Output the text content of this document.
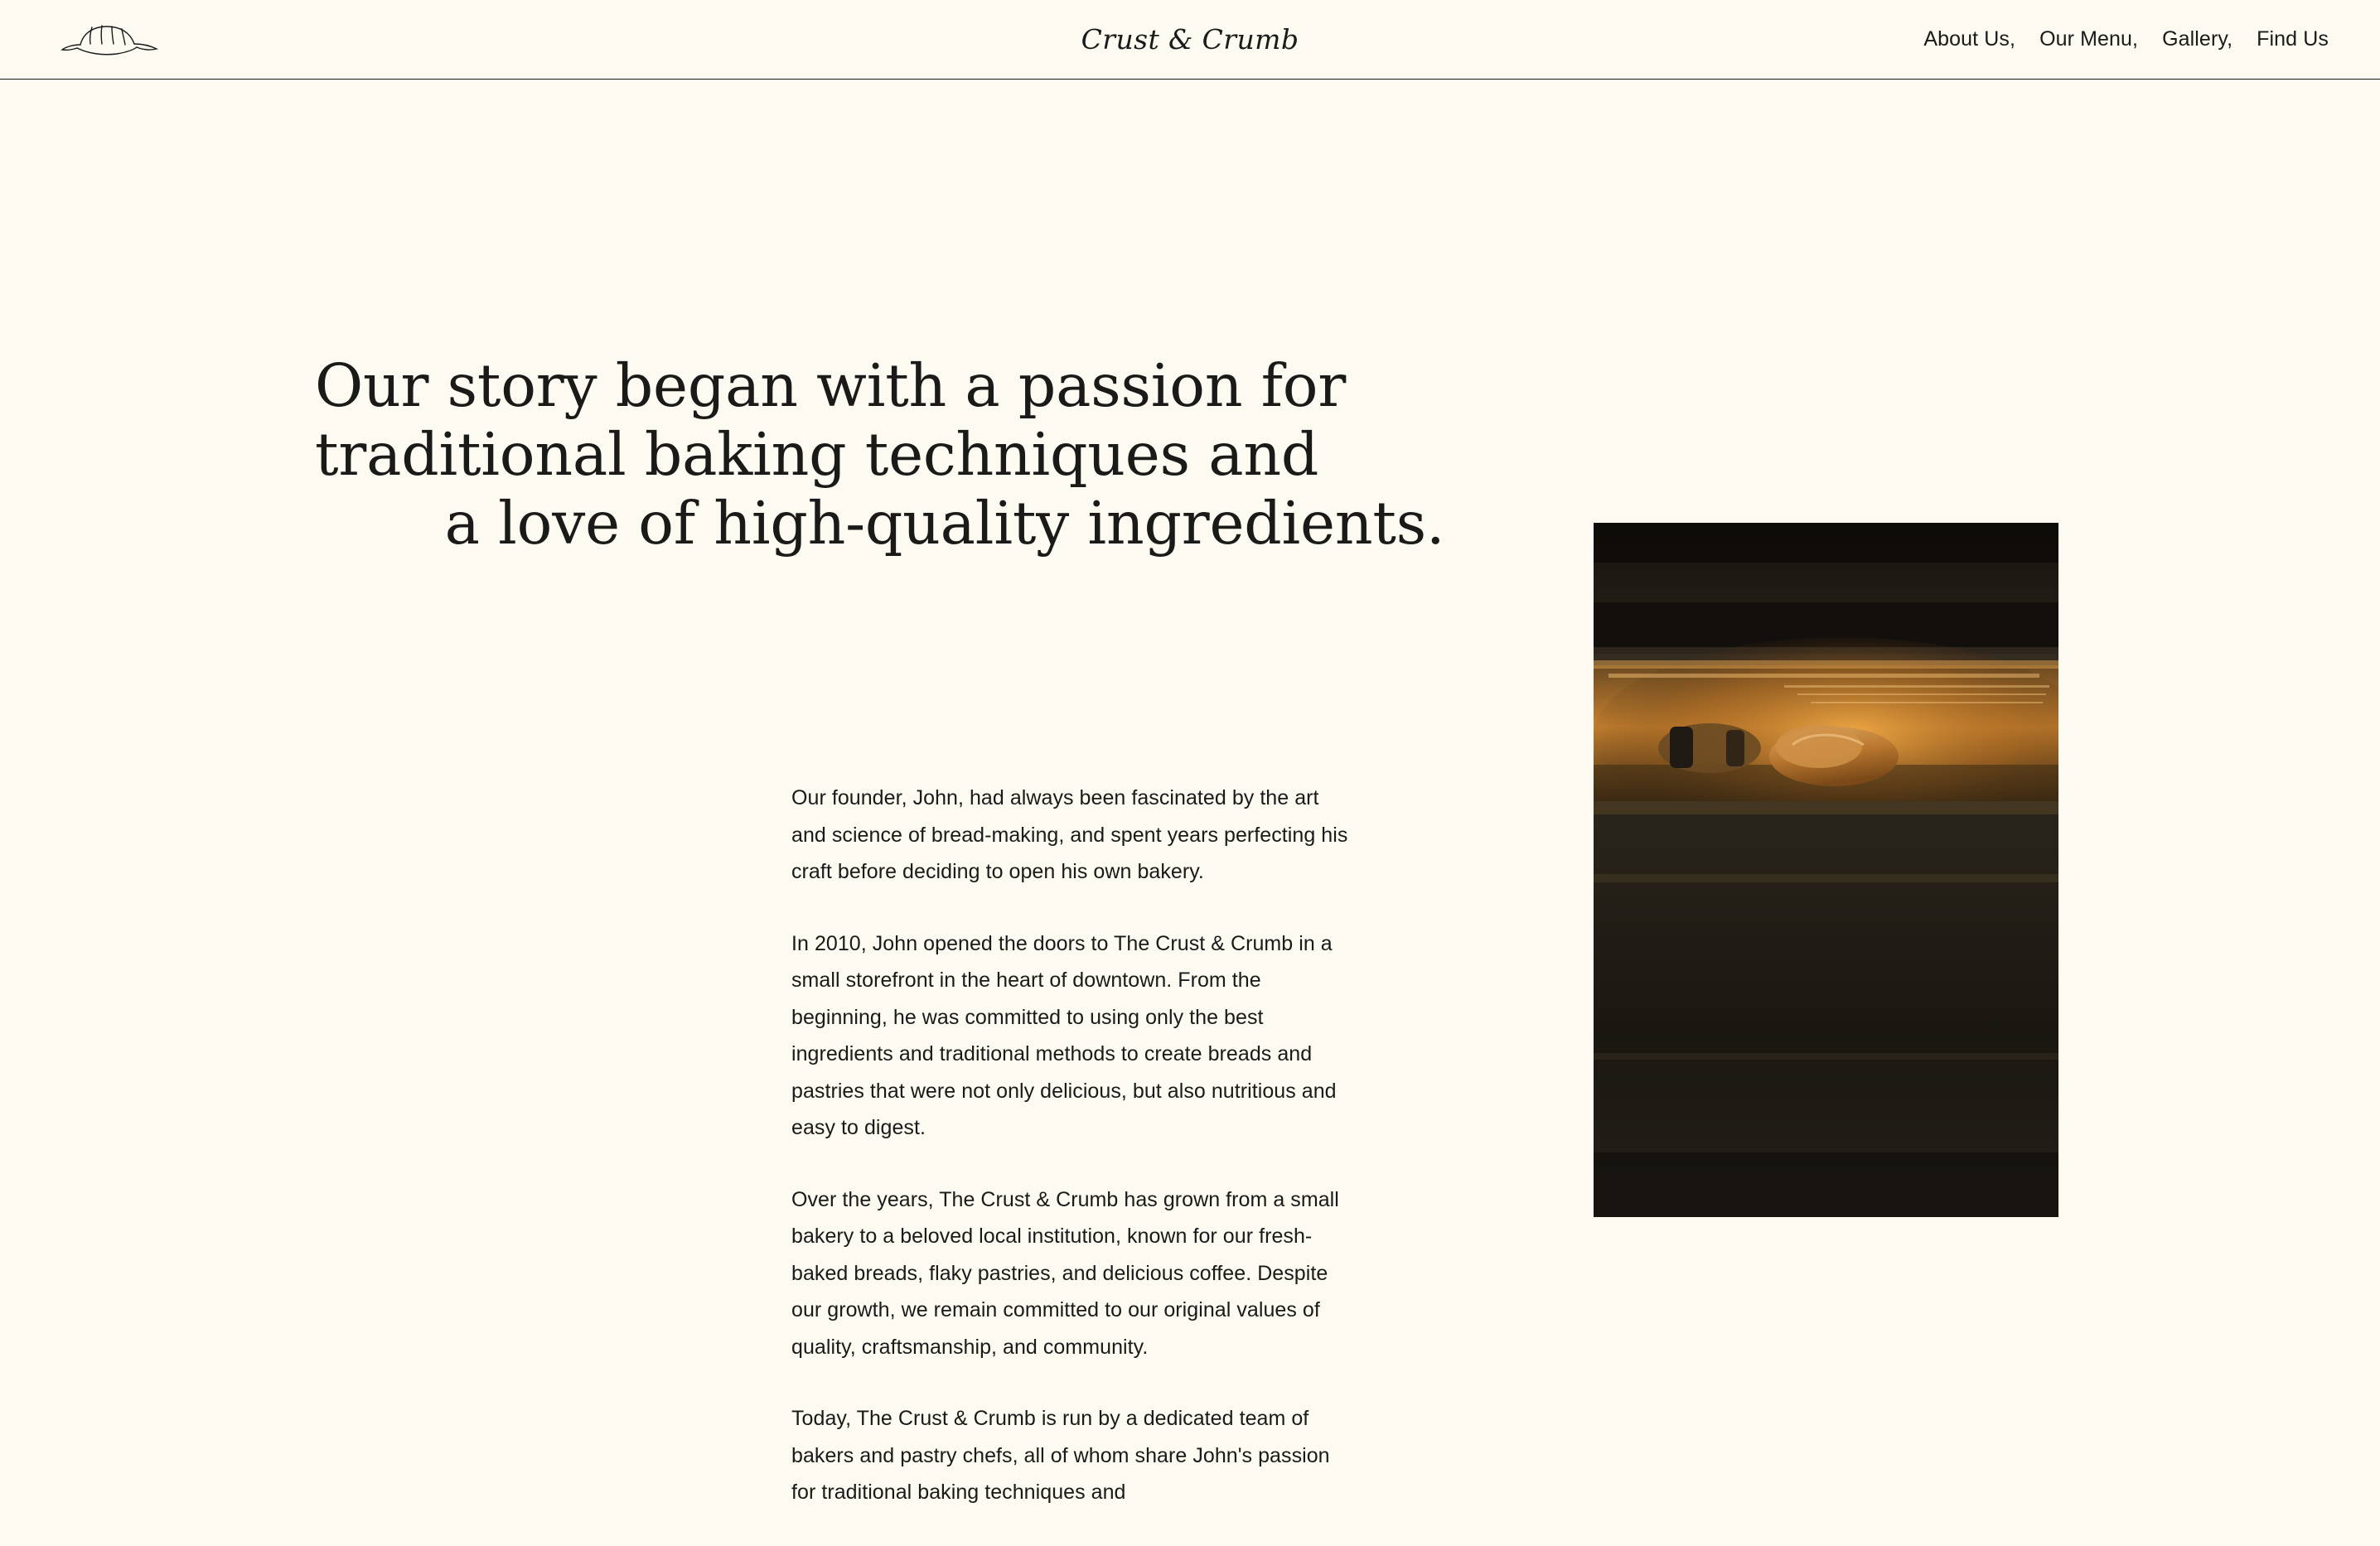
Crust & Crumb	About Us, Our Menu, Gallery, Find Us
Our story began with a passion for
traditional baking techniques and
a love of high-quality ingredients.

Our founder, John, had always been fascinated by the art and science of bread-making, and spent years perfecting his craft before deciding to open his own bakery.

In 2010, John opened the doors to The Crust & Crumb in a small storefront in the heart of downtown. From the beginning, he was committed to using only the best ingredients and traditional methods to create breads and pastries that were not only delicious, but also nutritious and easy to digest.

Over the years, The Crust & Crumb has grown from a small bakery to a beloved local institution, known for our fresh-baked breads, flaky pastries, and delicious coffee. Despite our growth, we remain committed to our original values of quality, craftsmanship, and community.

Today, The Crust & Crumb is run by a dedicated team of bakers and pastry chefs, all of whom share John's passion for traditional baking techniques and
